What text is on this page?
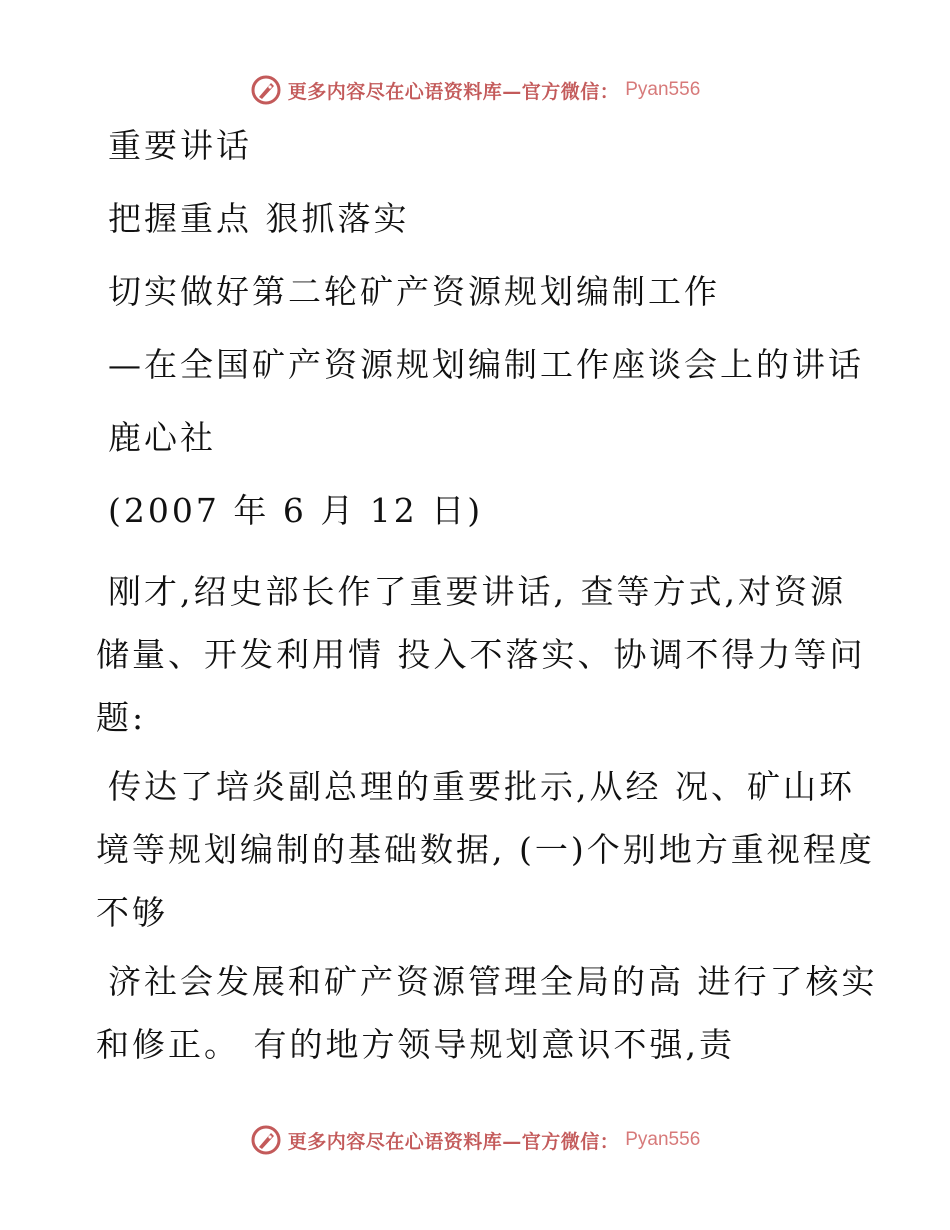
更多内容尽在心语资料库—官方微信： Pyan556
重要讲话
把握重点 狠抓落实
切实做好第二轮矿产资源规划编制工作
—在全国矿产资源规划编制工作座谈会上的讲话
鹿心社
(2007 年 6 月 12 日)
刚才,绍史部长作了重要讲话, 查等方式,对资源
储量、开发利用情 投入不落实、协调不得力等问
题:
传达了培炎副总理的重要批示,从经 况、矿山环
境等规划编制的基础数据, (一)个别地方重视程度
不够
济社会发展和矿产资源管理全局的高 进行了核实
和修正。 有的地方领导规划意识不强,责
更多内容尽在心语资料库—官方微信： Pyan556
